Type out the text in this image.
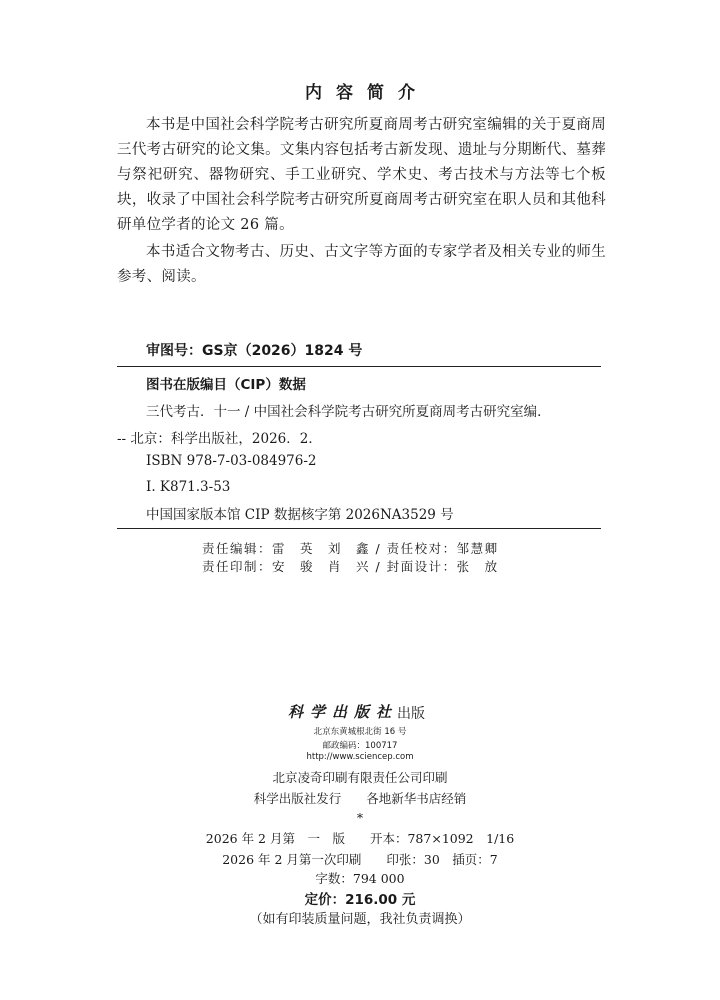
内容简介

本书是中国社会科学院考古研究所夏商周考古研究室编辑的关于夏商周三代考古研究的论文集。文集内容包括考古新发现、遗址与分期断代、墓葬与祭祀研究、器物研究、手工业研究、学术史、考古技术与方法等七个板块，收录了中国社会科学院考古研究所夏商周考古研究室在职人员和其他科研单位学者的论文 26 篇。

本书适合文物考古、历史、古文字等方面的专家学者及相关专业的师生参考、阅读。

审图号：GS京（2026）1824 号
图书在版编目（CIP）数据
三代考古．十一 / 中国社会科学院考古研究所夏商周考古研究室编．
-- 北京：科学出版社，2026．2．
ISBN 978-7-03-084976-2
Ⅰ. K871.3-53
中国国家版本馆 CIP 数据核字第 2026NA3529 号
责任编辑：雷　英　刘　鑫 / 责任校对：邹慧卿
责任印制：安　骏　肖　兴 / 封面设计：张　放
科学出版社
出版
北京东黄城根北街 16 号
邮政编码：100717
http://www.sciencep.com
北京凌奇印刷有限责任公司印刷
科学出版社发行　　各地新华书店经销
*
2026 年 2 月第　一　版　　开本：787×1092　1/16
2026 年 2 月第一次印刷　　印张：30　插页：7
字数：794 000
定价：216.00 元
（如有印装质量问题，我社负责调换）
